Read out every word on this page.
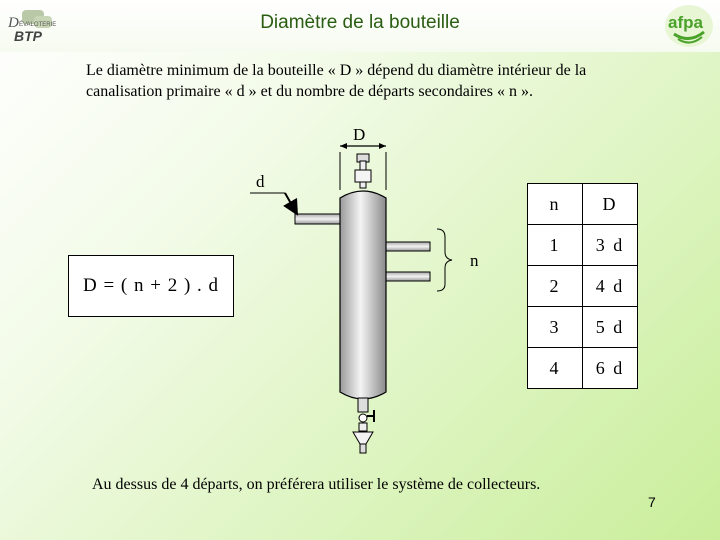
D ÉVALOTERIE
BTP
Diamètre de la bouteille	afpa
Le diamètre minimum de la bouteille « D » dépend du diamètre intérieur de la canalisation primaire « d » et du nombre de départs secondaires « n ».
D
d
n
D = ( n + 2 ) . d
n	D
1	3 d
2	4 d
3	5 d
4	6 d
Au dessus de 4 départs, on préférera utiliser le système de collecteurs.
7
